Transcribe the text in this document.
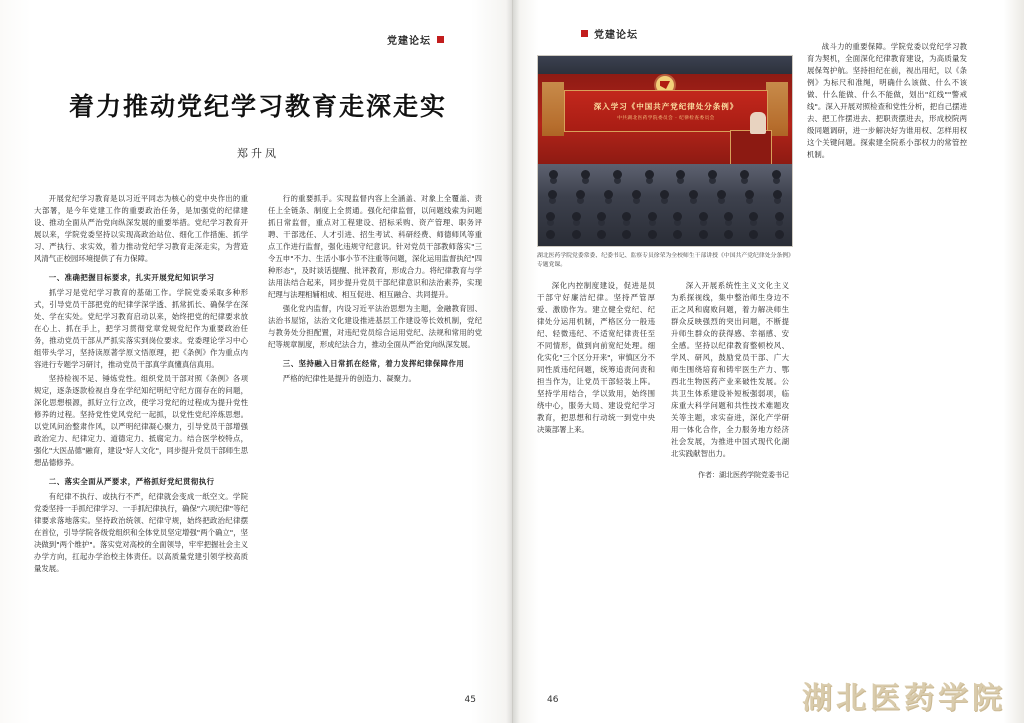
党建论坛
着力推动党纪学习教育走深走实
郑升凤

开展党纪学习教育是以习近平同志为核心的党中央作出的重大部署，是今年党建工作的重要政治任务，是加强党的纪律建设、推动全面从严治党向纵深发展的重要举措。党纪学习教育开展以来，学院党委坚持以实现高政治站位、细化工作措施、抓学习、严执行、求实效，着力推动党纪学习教育走深走实，为营造风清气正校园环境提供了有力保障。

一、准确把握目标要求，扎实开展党纪知识学习

抓学习是党纪学习教育的基础工作。学院党委采取多种形式，引导党员干部把党的纪律学深学透、抓常抓长、确保学在深处、学在实处。党纪学习教育启动以来，始终把党的纪律要求放在心上、抓在手上，把学习贯彻党章党规党纪作为重要政治任务，推动党员干部从严抓实落实到岗位要求。党委理论学习中心组带头学习，坚持读原著学原文悟原理，把《条例》作为重点内容进行专题学习研讨，推动党员干部真学真懂真信真用。

坚持检视不足、锤炼党性。组织党员干部对照《条例》各项规定，逐条逐款检视自身在学纪知纪明纪守纪方面存在的问题，深化思想根源，抓好立行立改，使学习党纪的过程成为提升党性修养的过程。坚持党性党风党纪一起抓，以党性党纪淬炼思想。以党风问治整肃作风，以严明纪律凝心聚力，引导党员干部增强政治定力、纪律定力、道德定力、抵腐定力。结合医学校特点，强化"大医品德"融育，建设"好人文化"，同步提升党员干部师生思想品德修养。

二、落实全面从严要求，严格抓好党纪贯彻执行

有纪律不执行、或执行不严，纪律就会变成一纸空文。学院党委坚持一手抓纪律学习、一手抓纪律执行，确保"六项纪律"等纪律要求落地落实。坚持政治统领、纪律守规，始终把政治纪律摆在首位，引导学院各级党组织和全体党员坚定增强"两个确立"，坚决做到"两个维护"。落实党对高校的全面领导，牢牢把握社会主义办学方向，扛起办学治校主体责任。以高质量党建引领学校高质量发展。

行的重要抓手。实现监督内容上全涵盖、对象上全覆盖、责任上全链条、制度上全贯通。强化纪律监督，以问题线索为问题抓日常监督，重点对工程建设、招标采购、资产管理、职务评聘、干部选任、人才引进、招生考试、科研经费、师德师风等重点工作进行监督，强化违规守纪意识。针对党员干部教师落实"三令五申"不力、生活小事小节不注重等问题，深化运用监督执纪"四种形态"，及时谈话提醒、批评教育，形成合力。将纪律教育与学法用法结合起来，同步提升党员干部纪律意识和法治素养，实现纪理与法理相辅相成、相互促进、相互融合、共同提升。

强化党内监督，内设习近平法治思想为主题，金融教育园、法治书屋馆，法治文化建设推进基层工作建设等长效机制，党纪与教务处分担配置，对违纪党员综合运用党纪、法规和常用的党纪等规章制度，形成纪法合力，推动全面从严治党向纵深发展。

三、坚持融入日常抓在经常，着力发挥纪律保障作用

严格的纪律性是提升的创造力、凝聚力。

45
党建论坛
深入学习《中国共产党纪律处分条例》
中共湖北医药学院委员会 · 纪律检查委员会
湖北医药学院党委常委、纪委书记、监察专员徐荣为全校师生干部讲授《中国共产党纪律处分条例》专题党课。

深化内控制度建设，促进是员干部守好廉洁纪律。坚持严管厚爱、激励作为。建立健全党纪、纪律处分运用机制，严格区分一般违纪、轻微违纪、不适宽纪律责任至不同情形，做到向前宽纪处理。细化实化"三个区分开来"，审慎区分不同性质违纪问题，统筹追责问责和担当作为，让党员干部轻装上阵。坚持学用结合，学以致用，始终围绕中心，服务大局、建设党纪学习教育，把思想和行动统一到党中央决策部署上来。

深入开展系统性主义文化主义为系探视线，集中整治师生身边不正之风和腐败问题，着力解决师生群众反映强烈的突出问题，不断提升师生群众的获得感、幸福感、安全感。坚持以纪律教育整顿校风、学风、研风，鼓励党员干部、广大师生围绕培育和铸牢医生产力、鄂西北生物医药产业来破性发展。公共卫生体系建设补短板强弱项，临床重大科学问题和共性技术难题攻关等主题，求实奋进，深化产学研用一体化合作，全力服务地方经济社会发展，为推进中国式现代化湖北实践献智出力。

作者：湖北医药学院党委书记

战斗力的重要保障。学院党委以党纪学习教育为契机，全面深化纪律教育建设，为高质量发展保驾护航。坚持担纪在前，视出用纪，以《条例》为标尺和准绳，明确什么该做、什么不该做、什么能做、什么不能做，划出"红线""警戒线"。深入开展对照检查和党性分析，把自己摆进去、把工作摆进去、把职责摆进去，形成校院两级同题调研，进一步解决好为谁用权、怎样用权这个关键问题。探索建全院系小部权力的常管控机制。

46	湖北医药学院
